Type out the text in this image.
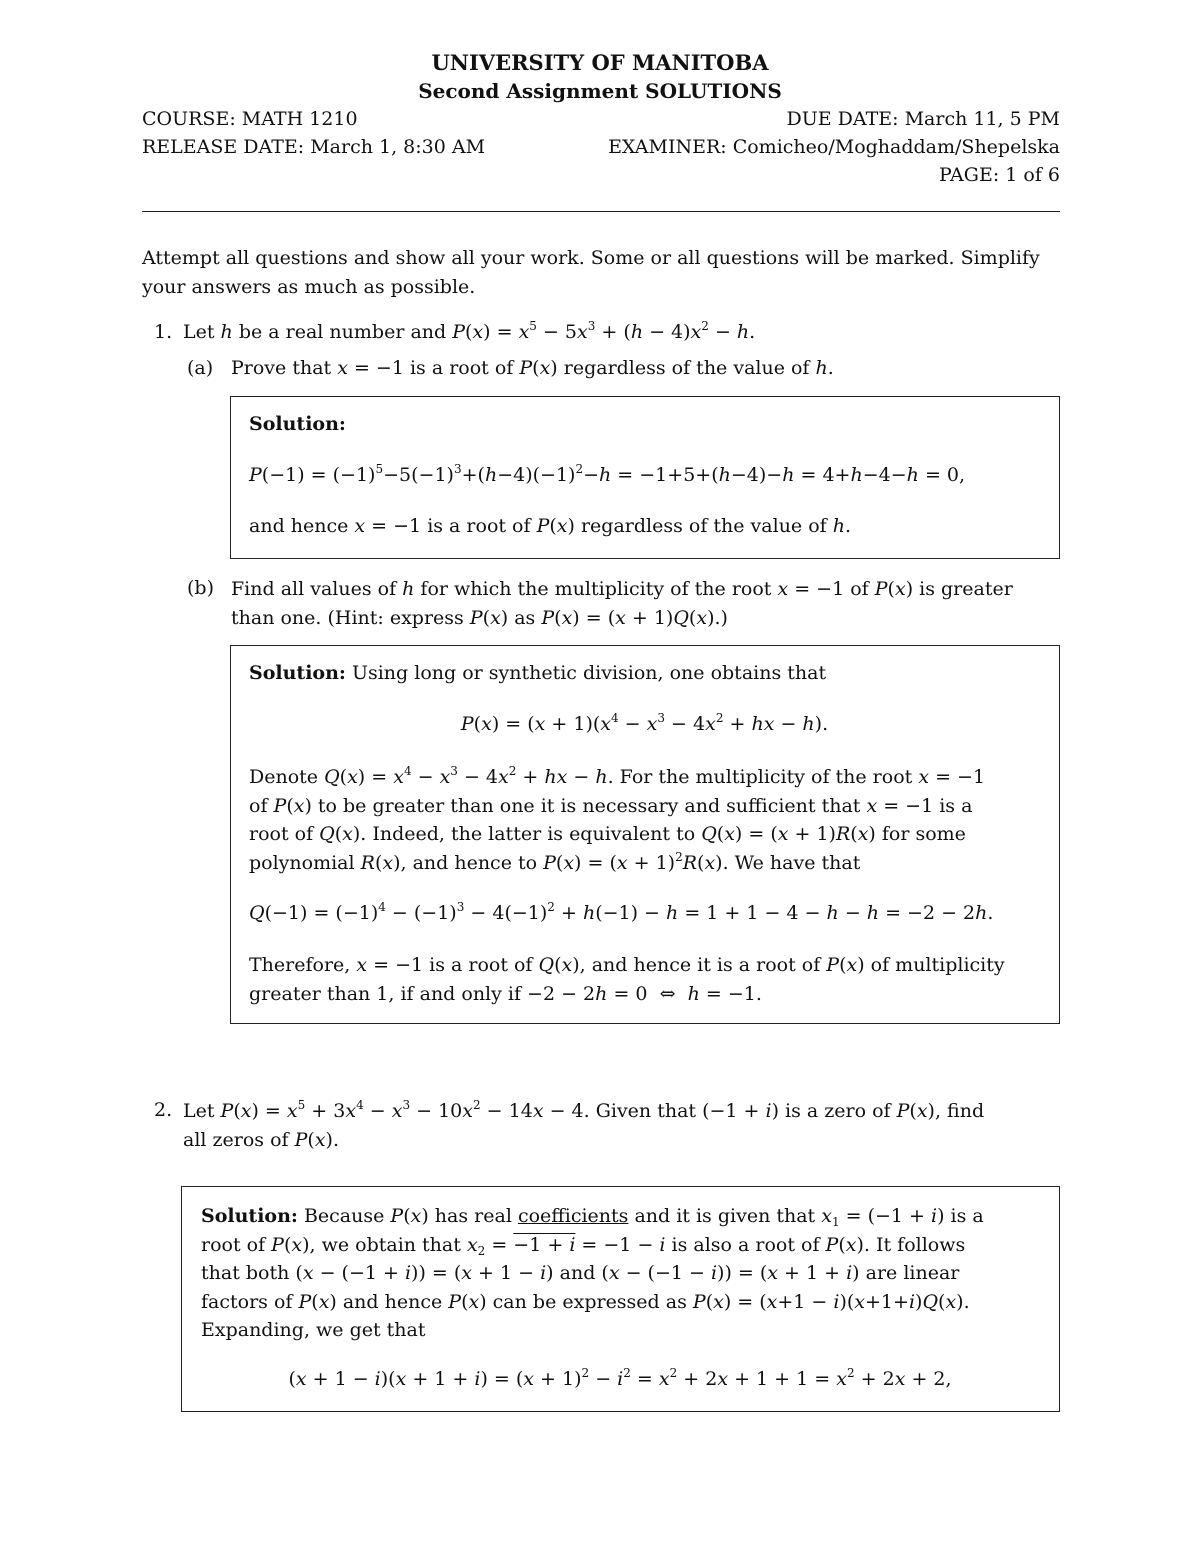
UNIVERSITY OF MANITOBA
Second Assignment SOLUTIONS
COURSE: MATH 1210	DUE DATE: March 11, 5 PM
RELEASE DATE: March 1, 8:30 AM	EXAMINER: Comicheo/Moghaddam/Shepelska
PAGE: 1 of 6
Attempt all questions and show all your work. Some or all questions will be marked. Simplify
your answers as much as possible.
1. Let h be a real number and $P(x) = x^5 - 5x^3 + (h - 4)x^2 - h$.
(a) Prove that x = −1 is a root of P(x) regardless of the value of h.
Solution:
$P(-1) = (-1)^5-5(-1)^3+(h-4)(-1)^2-h = -1+5+(h-4)-h = 4+h-4-h = 0$,
and hence x = −1 is a root of P(x) regardless of the value of h.
(b) Find all values of h for which the multiplicity of the root x = −1 of P(x) is greater
than one. (Hint: express P(x) as P(x) = (x + 1)Q(x).)
Solution: Using long or synthetic division, one obtains that
$P(x) = (x + 1)(x^4 - x^3 - 4x^2$ + hx − h).
Denote $Q(x) = x^4 - x^3 - 4x^2$ + hx − h. For the multiplicity of the root x = −1
of P(x) to be greater than one it is necessary and sufficient that x = −1 is a
root of Q(x). Indeed, the latter is equivalent to Q(x) = (x + 1)R(x) for some
polynomial R(x), and hence to $P(x) = (x + 1)^2R(x)$. We have that
$Q(-1) = (-1)^4 - (-1)^3 - 4(-1)^2 + h(-1) - h = 1 + 1 - 4 - h - h = -2 - 2h$.
Therefore, x = −1 is a root of Q(x), and hence it is a root of P(x) of multiplicity
greater than 1, if and only if −2 − 2h = 0  ⇔  h = −1.
2. Let $P(x) = x^5 + 3x^4 - x^3 - 10x^2 - 14x - 4$. Given that (−1 + i) is a zero of P(x), find
all zeros of P(x).
Solution: Because P(x) has real coefficients and it is given that $x_1 = (-1 + i)$ is a
root of P(x), we obtain that $x_2 = -1 + i = -1 - i$ is also a root of P(x). It follows
that both (x − (−1 + i)) = (x + 1 − i) and (x − (−1 − i)) = (x + 1 + i) are linear
factors of P(x) and hence P(x) can be expressed as P(x) = (x+1 − i)(x+1+i)Q(x).
Expanding, we get that
$(x + 1 - i)(x + 1 + i) = (x + 1)^2 - i^2 = x^2 + 2x + 1 + 1 = x^2 + 2x + 2$,
